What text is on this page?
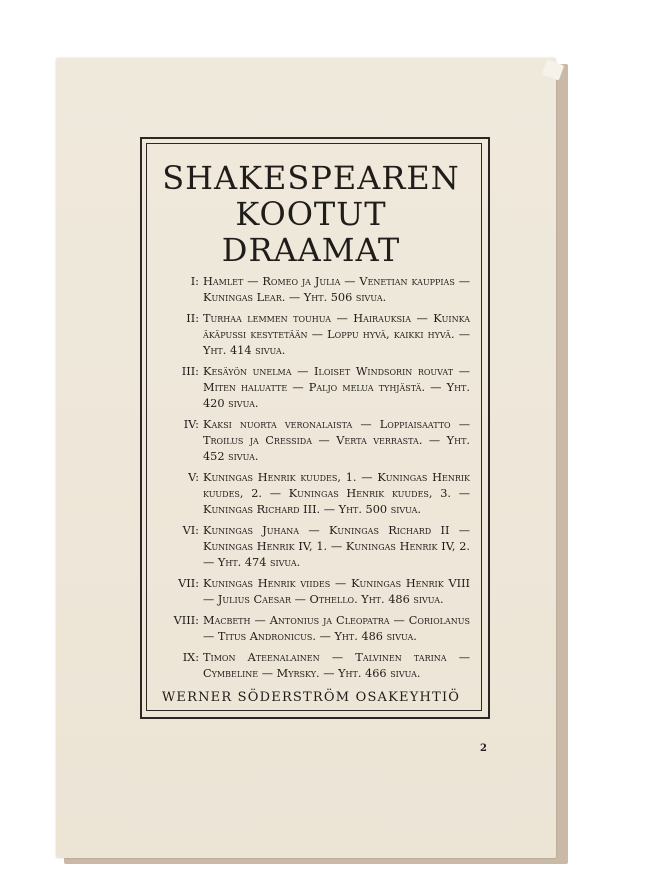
SHAKESPEAREN
KOOTUT DRAAMAT
I: Hamlet — Romeo ja Julia — Venetian kauppias — Kuningas Lear. — Yht. 506 sivua.
II: Turhaa lemmen touhua — Hairauksia — Kuinka äkäpussi kesytetään — Loppu hyvä, kaikki hyvä. — Yht. 414 sivua.
III: Kesäyön unelma — Iloiset Windsorin rouvat — Miten haluatte — Paljo melua tyhjästä. — Yht. 420 sivua.
IV: Kaksi nuorta veronalaista — Loppiaisaatto — Troilus ja Cressida — Verta verrasta. — Yht. 452 sivua.
V: Kuningas Henrik kuudes, 1. — Kuningas Henrik kuudes, 2. — Kuningas Henrik kuudes, 3. — Kuningas Richard III. — Yht. 500 sivua.
VI: Kuningas Juhana — Kuningas Richard II — Kuningas Henrik IV, 1. — Kuningas Henrik IV, 2. — Yht. 474 sivua.
VII: Kuningas Henrik viides — Kuningas Henrik VIII — Julius Caesar — Othello. Yht. 486 sivua.
VIII: Macbeth — Antonius ja Cleopatra — Coriolanus — Titus Andronicus. — Yht. 486 sivua.
IX: Timon Ateenalainen — Talvinen tarina — Cymbeline — Myrsky. — Yht. 466 sivua.
WERNER SÖDERSTRÖM OSAKEYHTIÖ
2
